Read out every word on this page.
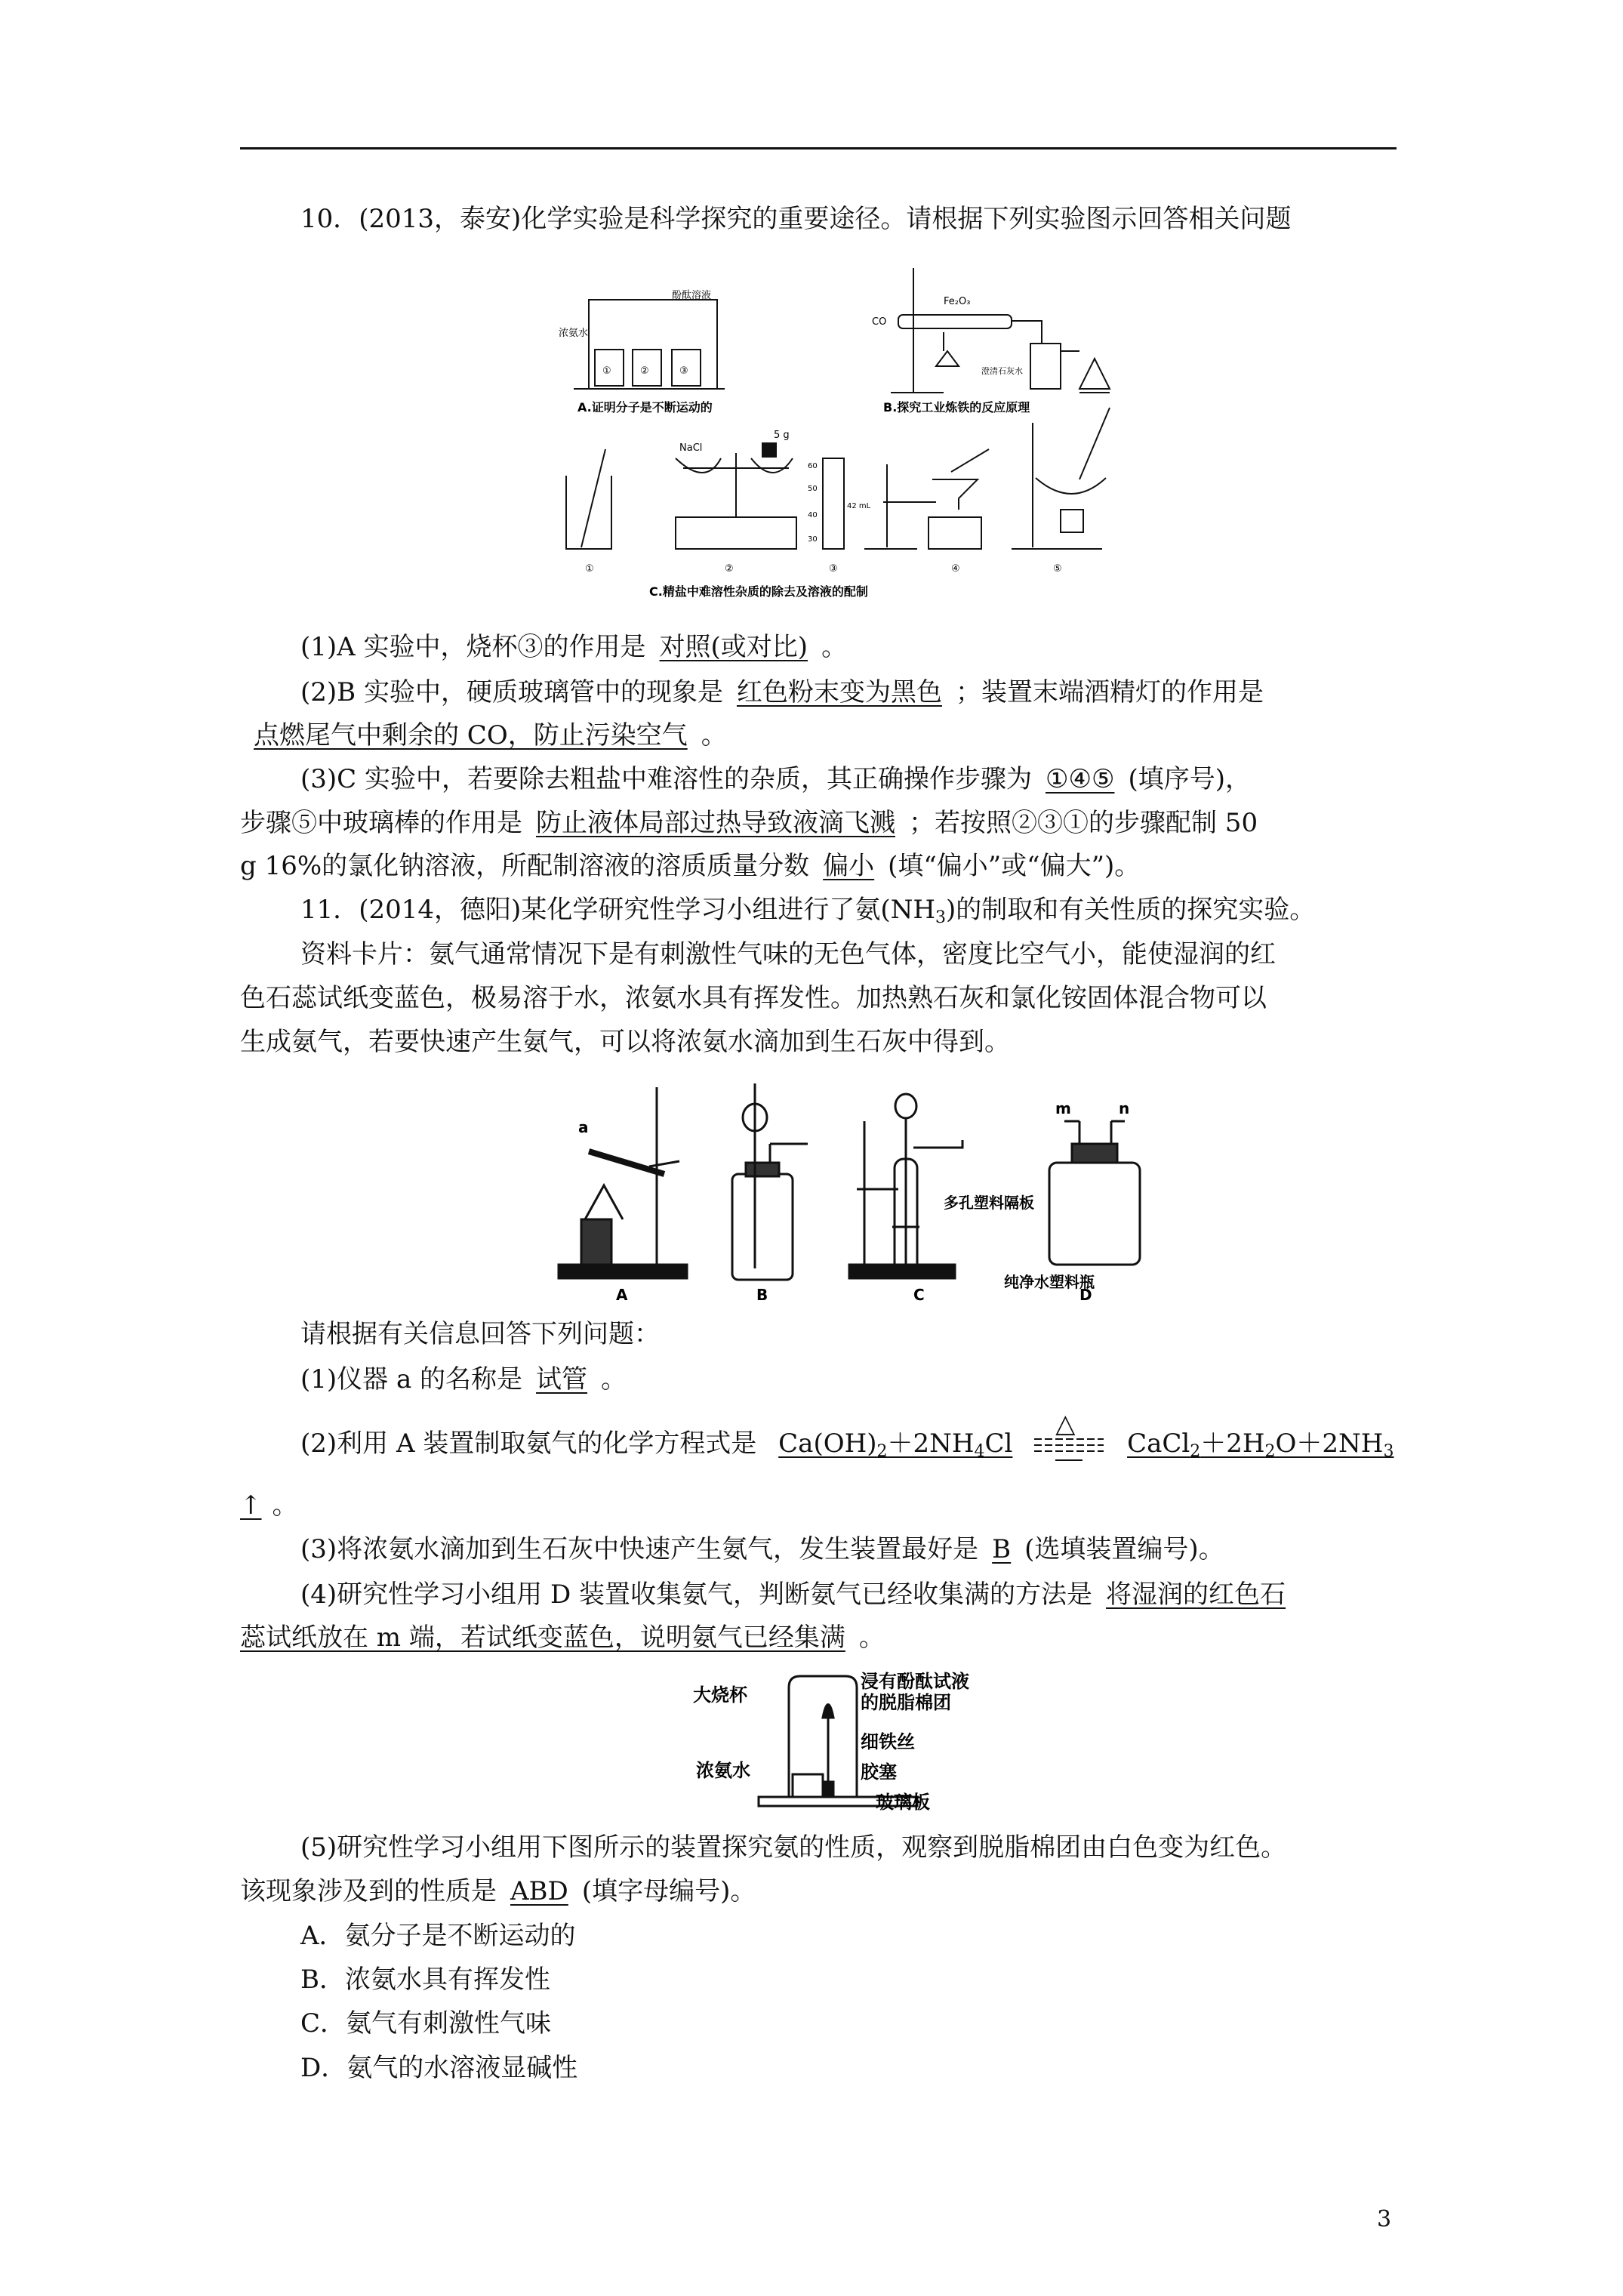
10．(2013，泰安)化学实验是科学探究的重要途径。请根据下列实验图示回答相关问题
浓氨水
酚酞溶液
①	②	③
A.证明分子是不断运动的
CO
Fe₂O₃
澄清石灰水
B.探究工业炼铁的反应原理
NaCl
5 g
60
50
40
30
42 mL
①	②	③	④	⑤
C.精盐中难溶性杂质的除去及溶液的配制
(1)A 实验中，烧杯③的作用是 对照(或对比) 。
(2)B 实验中，硬质玻璃管中的现象是 红色粉末变为黑色 ；装置末端酒精灯的作用是
点燃尾气中剩余的 CO，防止污染空气 。
(3)C 实验中，若要除去粗盐中难溶性的杂质，其正确操作步骤为 ①④⑤ (填序号)，
步骤⑤中玻璃棒的作用是 防止液体局部过热导致液滴飞溅 ；若按照②③①的步骤配制 50
g 16%的氯化钠溶液，所配制溶液的溶质质量分数 偏小 (填“偏小”或“偏大”)。
11．(2014，德阳)某化学研究性学习小组进行了氨$(NH_3)$的制取和有关性质的探究实验。
资料卡片：氨气通常情况下是有刺激性气味的无色气体，密度比空气小，能使湿润的红
色石蕊试纸变蓝色，极易溶于水，浓氨水具有挥发性。加热熟石灰和氯化铵固体混合物可以
生成氨气，若要快速产生氨气，可以将浓氨水滴加到生石灰中得到。
a
多孔塑料隔板
m	n
纯净水塑料瓶
A	B	C	D
请根据有关信息回答下列问题：
(1)仪器 a 的名称是 试管 。
(2)利用 A 装置制取氨气的化学方程式是 $Ca(OH)_2+2NH_4Cl$
△
$CaCl_2+2H_2O+2NH_3$
↑ 。
(3)将浓氨水滴加到生石灰中快速产生氨气，发生装置最好是 B (选填装置编号)。
(4)研究性学习小组用 D 装置收集氨气，判断氨气已经收集满的方法是 将湿润的红色石
蕊试纸放在 m 端，若试纸变蓝色，说明氨气已经集满 。
大烧杯
浸有酚酞试液
的脱脂棉团
细铁丝
浓氨水	胶塞
玻璃板
(5)研究性学习小组用下图所示的装置探究氨的性质，观察到脱脂棉团由白色变为红色。
该现象涉及到的性质是 ABD (填字母编号)。
A．氨分子是不断运动的
B．浓氨水具有挥发性
C．氨气有刺激性气味
D．氨气的水溶液显碱性
3
